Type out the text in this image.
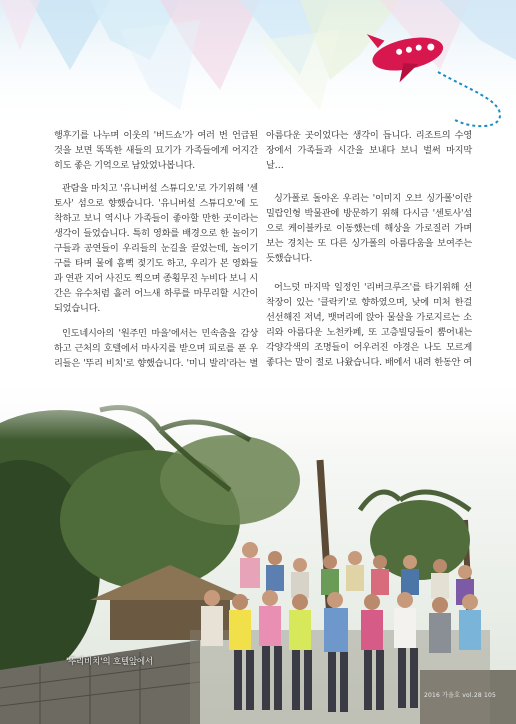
행후기를 나누며 이웃의 '버드쇼'가 여러 번 언급된 것을 보면 똑똑한 새들의 묘기가 가족들에게 어지간히도 좋은 기억으로 남았었나봅니다.

관람을 마치고 '유니버설 스튜디오'로 가기위해 '센토사' 섬으로 향했습니다. '유니버설 스튜디오'에 도착하고 보니 역시나 가족들이 좋아할 만한 곳이라는 생각이 들었습니다. 특히 영화를 배경으로 한 놀이기구들과 공연들이 우리들의 눈길을 끌었는데, 놀이기구를 타며 물에 흠뻑 젖기도 하고, 우리가 본 영화들과 연관 지어 사진도 찍으며 종횡무진 누비다 보니 시간은 유수처럼 흘러 어느새 하루를 마무리할 시간이 되었습니다.

인도네시아의 '원주민 마을'에서는 민속춤을 감상하고 근처의 호텔에서 마사지를 받으며 피로를 푼 우리들은 '뚜리 비치'로 향했습니다. '미니 발리'라는 별

아름다운 곳이었다는 생각이 듭니다. 리조트의 수영장에서 가족들과 시간을 보내다 보니 벌써 마지막 날…

싱가폴로 돌아온 우리는 '이미지 오브 싱가폴'이란 밀랍인형 박물관에 방문하기 위해 다시금 '센토사'섬으로 케이블카로 이동했는데 해상을 가로질러 가며 보는 경치는 또 다른 싱가폴의 아름다움을 보여주는 듯했습니다.

어느덧 마지막 일정인 '리버크루즈'를 타기위해 선착장이 있는 '클락키'로 향하였으며, 낮에 미처 한걸 선선해진 저녁, 뱃머리에 앉아 물살을 가로지르는 소리와 아름다운 노천카페, 또 고층빌딩들이 뿜어내는 각양각색의 조명들이 어우러진 야경은 나도 모르게 좋다는 말이 절로 나왔습니다. 배에서 내려 한동안 여

'뚜리비치'의 호텔앞에서
2016 가을호 vol.28 105
